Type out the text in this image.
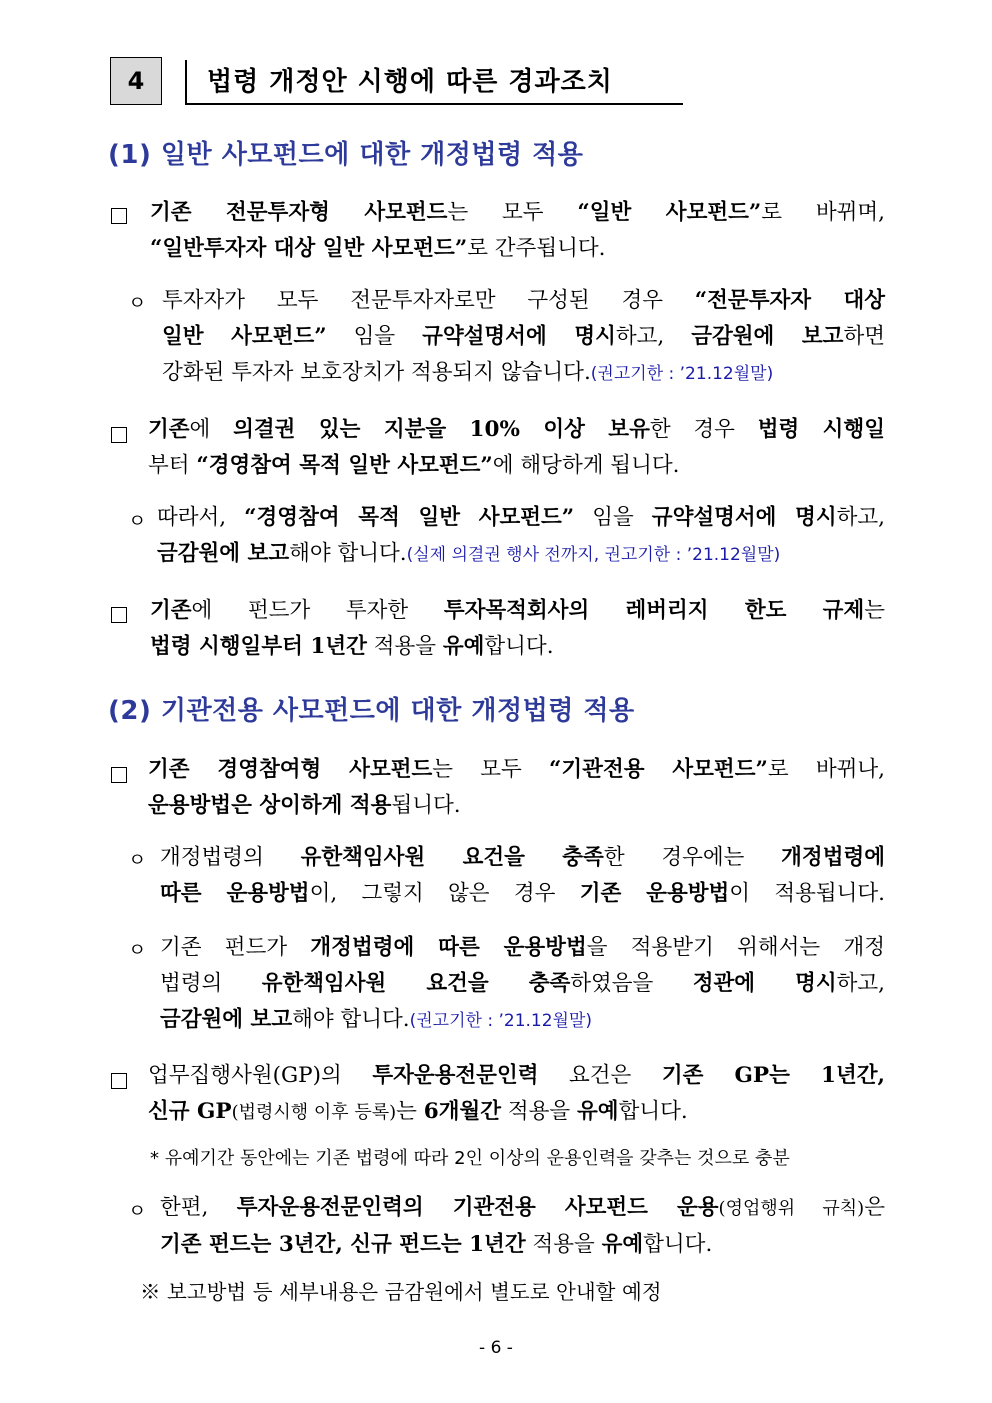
4	법령 개정안 시행에 따른 경과조치
(1) 일반 사모펀드에 대한 개정법령 적용
기존 전문투자형 사모펀드는 모두 “일반 사모펀드”로 바뀌며,
“일반투자자 대상 일반 사모펀드”로 간주됩니다.
ㅇ 투자자가 모두 전문투자자로만 구성된 경우 “전문투자자 대상
일반 사모펀드” 임을 규약설명서에 명시하고, 금감원에 보고하면
강화된 투자자 보호장치가 적용되지 않습니다.(권고기한 : ’21.12월말)
기존에 의결권 있는 지분을 10% 이상 보유한 경우 법령 시행일
부터 “경영참여 목적 일반 사모펀드”에 해당하게 됩니다.
ㅇ 따라서, “경영참여 목적 일반 사모펀드” 임을 규약설명서에 명시하고,
금감원에 보고해야 합니다.(실제 의결권 행사 전까지, 권고기한 : ’21.12월말)
기존에 펀드가 투자한 투자목적회사의 레버리지 한도 규제는
법령 시행일부터 1년간 적용을 유예합니다.
(2) 기관전용 사모펀드에 대한 개정법령 적용
기존 경영참여형 사모펀드는 모두 “기관전용 사모펀드”로 바뀌나,
운용방법은 상이하게 적용됩니다.
ㅇ 개정법령의 유한책임사원 요건을 충족한 경우에는 개정법령에
따른 운용방법이, 그렇지 않은 경우 기존 운용방법이 적용됩니다.
ㅇ 기존 펀드가 개정법령에 따른 운용방법을 적용받기 위해서는 개정
법령의 유한책임사원 요건을 충족하였음을 정관에 명시하고,
금감원에 보고해야 합니다.(권고기한 : ’21.12월말)
업무집행사원(GP)의 투자운용전문인력 요건은 기존 GP는 1년간,
신규 GP(법령시행 이후 등록)는 6개월간 적용을 유예합니다.
* 유예기간 동안에는 기존 법령에 따라 2인 이상의 운용인력을 갖추는 것으로 충분
ㅇ 한편, 투자운용전문인력의 기관전용 사모펀드 운용(영업행위 규칙)은
기존 펀드는 3년간, 신규 펀드는 1년간 적용을 유예합니다.
※ 보고방법 등 세부내용은 금감원에서 별도로 안내할 예정
- 6 -
